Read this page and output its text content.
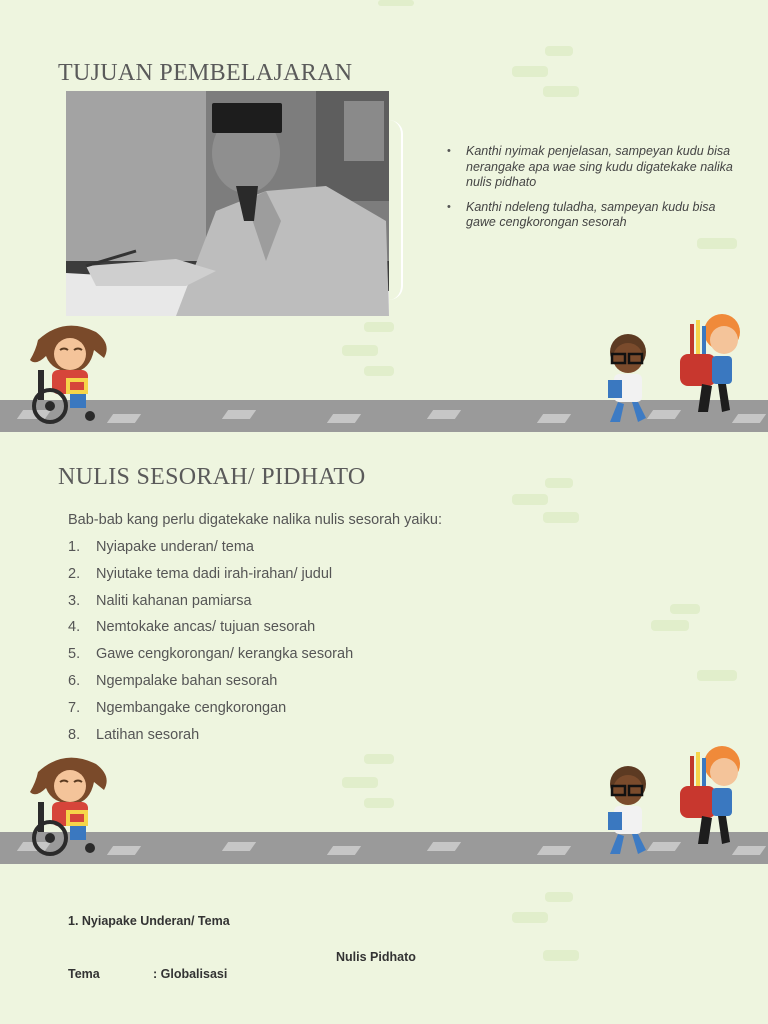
TUJUAN PEMBELAJARAN
• Kanthi nyimak penjelasan, sampeyan kudu bisa nerangake apa wae sing kudu digatekake nalika nulis pidhato
• Kanthi ndeleng tuladha, sampeyan kudu bisa gawe cengkorongan sesorah
NULIS SESORAH/ PIDHATO
Bab-bab kang perlu digatekake nalika nulis sesorah yaiku:
1. Nyiapake underan/ tema
2. Nyiutake tema dadi irah-irahan/ judul
3. Naliti kahanan pamiarsa
4. Nemtokake ancas/ tujuan sesorah
5. Gawe cengkorongan/ kerangka sesorah
6. Ngempalake bahan sesorah
7. Ngembangake cengkorongan
8. Latihan sesorah
1. Nyiapake Underan/ Tema
Nulis Pidhato
Tema	: Globalisasi
